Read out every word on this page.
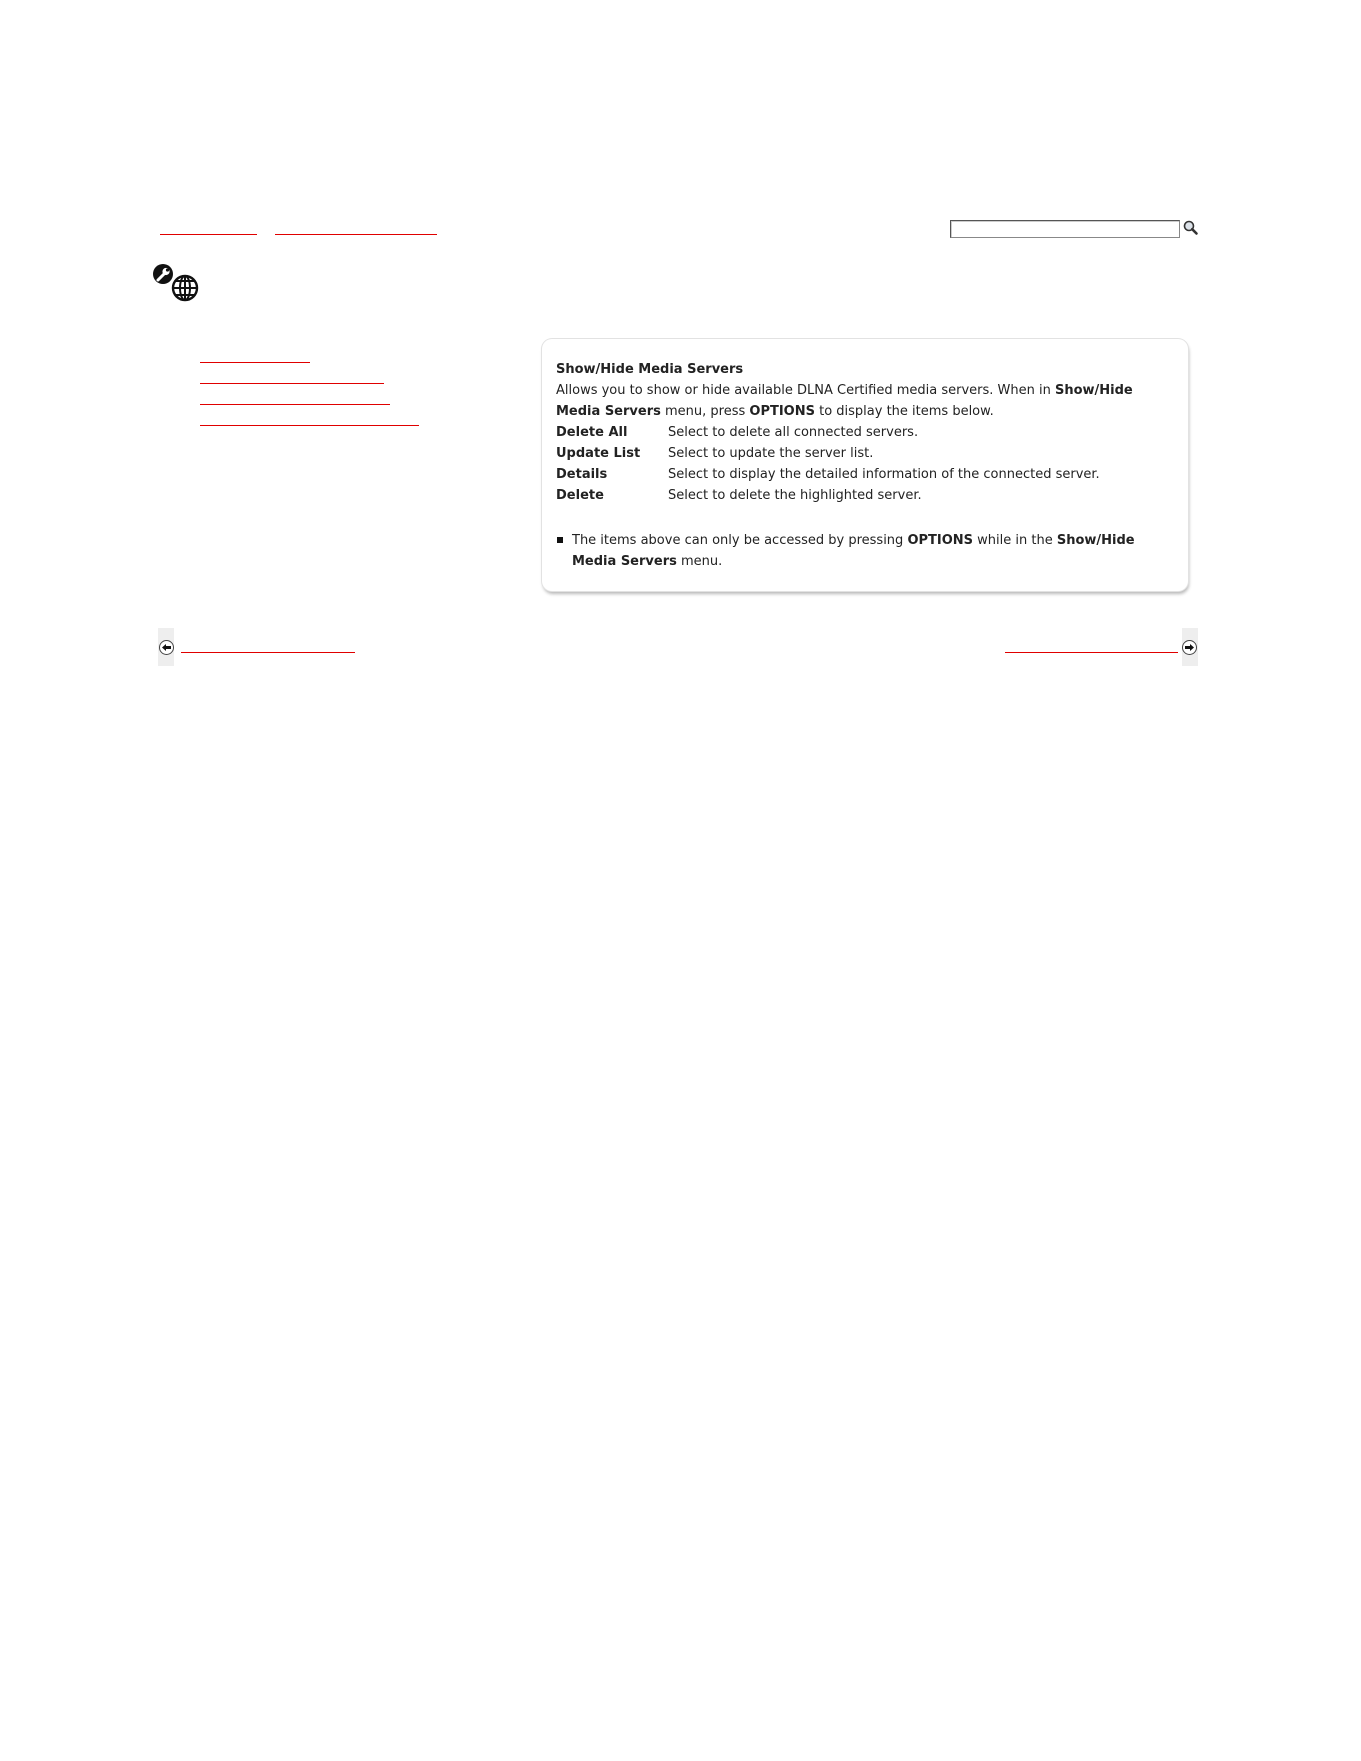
Show/Hide Media Servers
Allows you to show or hide available DLNA Certified media servers. When in Show/Hide
Media Servers menu, press OPTIONS to display the items below.
Delete All	Select to delete all connected servers.
Update List	Select to update the server list.
Details	Select to display the detailed information of the connected server.
Delete	Select to delete the highlighted server.
The items above can only be accessed by pressing OPTIONS while in the Show/Hide
Media Servers menu.
